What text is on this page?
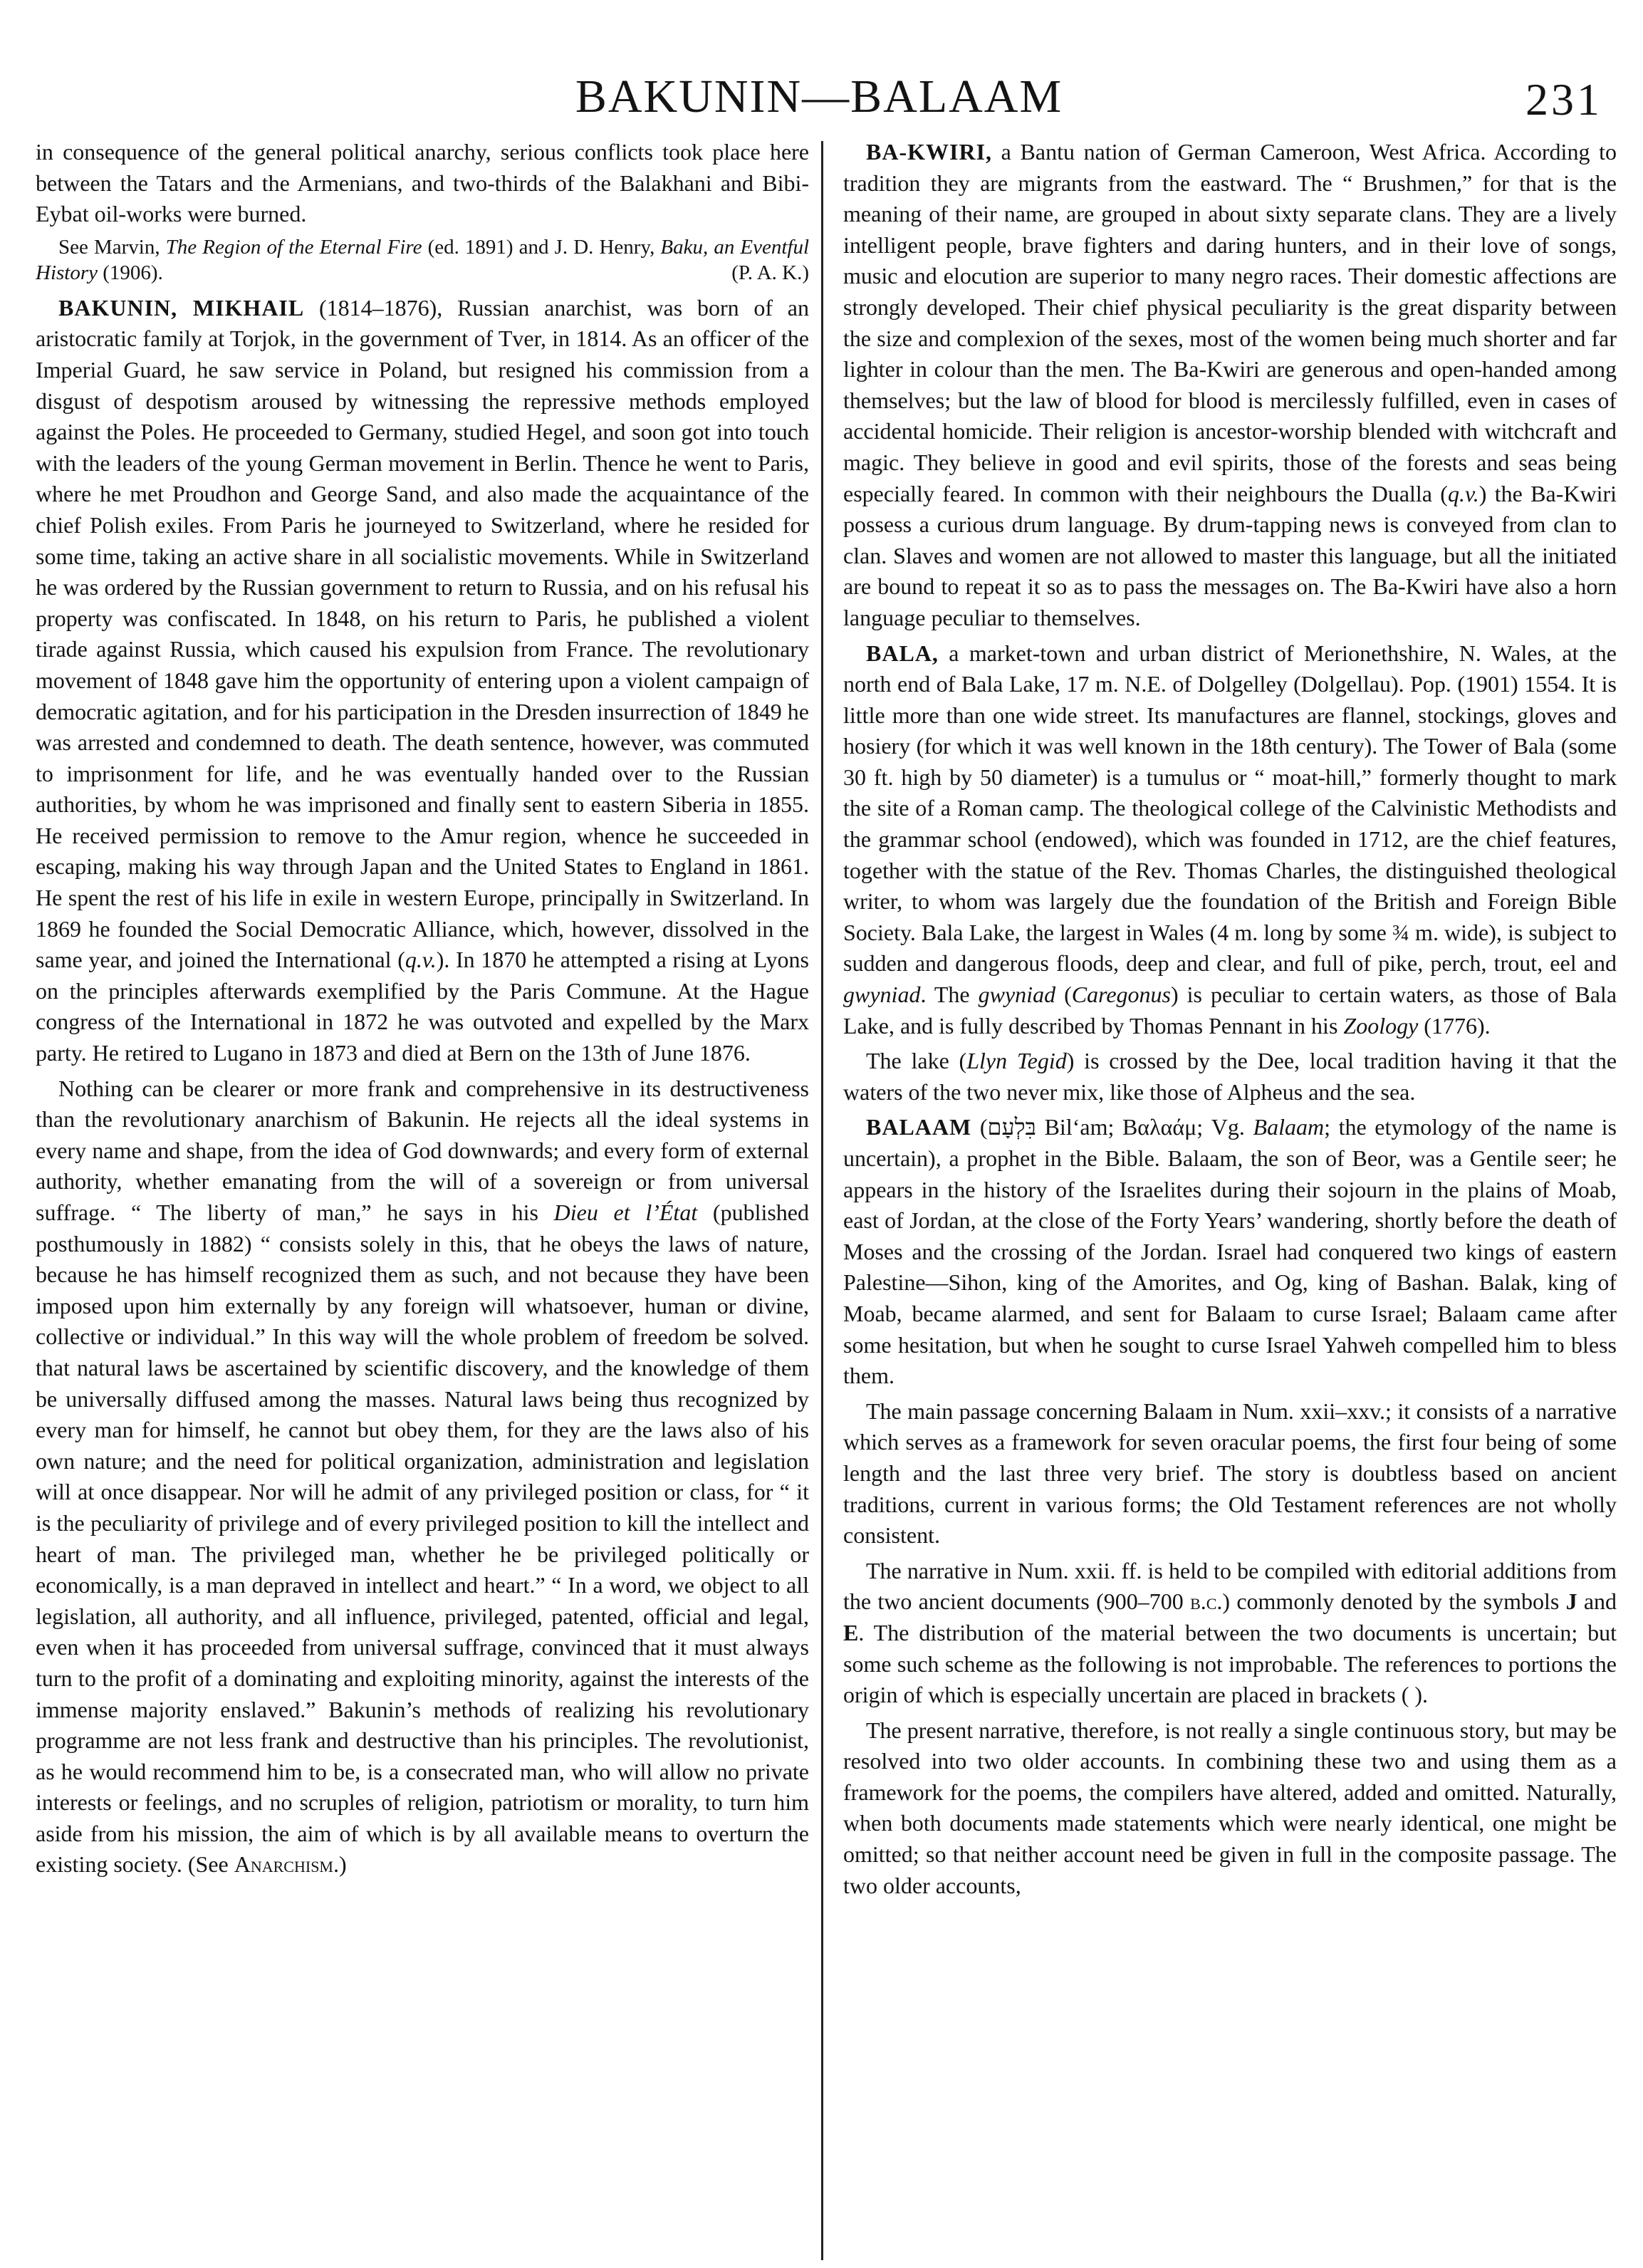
BAKUNIN—BALAAM	231

in consequence of the general political anarchy, serious conflicts took place here between the Tatars and the Armenians, and two-thirds of the Balakhani and Bibi-Eybat oil-works were burned.

See Marvin, The Region of the Eternal Fire (ed. 1891) and J. D. Henry, Baku, an Eventful History (1906).	(P. A. K.)

BAKUNIN, MIKHAIL (1814–1876), Russian anarchist, was born of an aristocratic family at Torjok, in the government of Tver, in 1814. As an officer of the Imperial Guard, he saw service in Poland, but resigned his commission from a disgust of despotism aroused by witnessing the repressive methods employed against the Poles. He proceeded to Germany, studied Hegel, and soon got into touch with the leaders of the young German movement in Berlin. Thence he went to Paris, where he met Proudhon and George Sand, and also made the acquaintance of the chief Polish exiles. From Paris he journeyed to Switzerland, where he resided for some time, taking an active share in all socialistic movements. While in Switzerland he was ordered by the Russian government to return to Russia, and on his refusal his property was confiscated. In 1848, on his return to Paris, he published a violent tirade against Russia, which caused his expulsion from France. The revolutionary movement of 1848 gave him the opportunity of entering upon a violent campaign of democratic agitation, and for his participation in the Dresden insurrection of 1849 he was arrested and condemned to death. The death sentence, however, was commuted to imprisonment for life, and he was eventually handed over to the Russian authorities, by whom he was imprisoned and finally sent to eastern Siberia in 1855. He received permission to remove to the Amur region, whence he succeeded in escaping, making his way through Japan and the United States to England in 1861. He spent the rest of his life in exile in western Europe, principally in Switzerland. In 1869 he founded the Social Democratic Alliance, which, however, dissolved in the same year, and joined the International (q.v.). In 1870 he attempted a rising at Lyons on the principles afterwards exemplified by the Paris Commune. At the Hague congress of the International in 1872 he was outvoted and expelled by the Marx party. He retired to Lugano in 1873 and died at Bern on the 13th of June 1876.

Nothing can be clearer or more frank and comprehensive in its destructiveness than the revolutionary anarchism of Bakunin. He rejects all the ideal systems in every name and shape, from the idea of God downwards; and every form of external authority, whether emanating from the will of a sovereign or from universal suffrage. “ The liberty of man,” he says in his Dieu et l’État (published posthumously in 1882) “ consists solely in this, that he obeys the laws of nature, because he has himself recognized them as such, and not because they have been imposed upon him externally by any foreign will whatsoever, human or divine, collective or individual.” In this way will the whole problem of freedom be solved. that natural laws be ascertained by scientific discovery, and the knowledge of them be universally diffused among the masses. Natural laws being thus recognized by every man for himself, he cannot but obey them, for they are the laws also of his own nature; and the need for political organization, administration and legislation will at once disappear. Nor will he admit of any privileged position or class, for “ it is the peculiarity of privilege and of every privileged position to kill the intellect and heart of man. The privileged man, whether he be privileged politically or economically, is a man depraved in intellect and heart.” “ In a word, we object to all legislation, all authority, and all influence, privileged, patented, official and legal, even when it has proceeded from universal suffrage, convinced that it must always turn to the profit of a dominating and exploiting minority, against the interests of the immense majority enslaved.” Bakunin’s methods of realizing his revolutionary programme are not less frank and destructive than his principles. The revolutionist, as he would recommend him to be, is a consecrated man, who will allow no private interests or feelings, and no scruples of religion, patriotism or morality, to turn him aside from his mission, the aim of which is by all available means to overturn the existing society. (See Anarchism.)

BA-KWIRI, a Bantu nation of German Cameroon, West Africa. According to tradition they are migrants from the eastward. The “ Brushmen,” for that is the meaning of their name, are grouped in about sixty separate clans. They are a lively intelligent people, brave fighters and daring hunters, and in their love of songs, music and elocution are superior to many negro races. Their domestic affections are strongly developed. Their chief physical peculiarity is the great disparity between the size and complexion of the sexes, most of the women being much shorter and far lighter in colour than the men. The Ba-Kwiri are generous and open-handed among themselves; but the law of blood for blood is mercilessly fulfilled, even in cases of accidental homicide. Their religion is ancestor-worship blended with witchcraft and magic. They believe in good and evil spirits, those of the forests and seas being especially feared. In common with their neighbours the Dualla (q.v.) the Ba-Kwiri possess a curious drum language. By drum-tapping news is conveyed from clan to clan. Slaves and women are not allowed to master this language, but all the initiated are bound to repeat it so as to pass the messages on. The Ba-Kwiri have also a horn language peculiar to themselves.

BALA, a market-town and urban district of Merionethshire, N. Wales, at the north end of Bala Lake, 17 m. N.E. of Dolgelley (Dolgellau). Pop. (1901) 1554. It is little more than one wide street. Its manufactures are flannel, stockings, gloves and hosiery (for which it was well known in the 18th century). The Tower of Bala (some 30 ft. high by 50 diameter) is a tumulus or “ moat-hill,” formerly thought to mark the site of a Roman camp. The theological college of the Calvinistic Methodists and the grammar school (endowed), which was founded in 1712, are the chief features, together with the statue of the Rev. Thomas Charles, the distinguished theological writer, to whom was largely due the foundation of the British and Foreign Bible Society. Bala Lake, the largest in Wales (4 m. long by some ¾ m. wide), is subject to sudden and dangerous floods, deep and clear, and full of pike, perch, trout, eel and gwyniad. The gwyniad (Caregonus) is peculiar to certain waters, as those of Bala Lake, and is fully described by Thomas Pennant in his Zoology (1776).

The lake (Llyn Tegid) is crossed by the Dee, local tradition having it that the waters of the two never mix, like those of Alpheus and the sea.

BALAAM (בִּלְעָם Bil‘am; Βαλαάμ; Vg. Balaam; the etymology of the name is uncertain), a prophet in the Bible. Balaam, the son of Beor, was a Gentile seer; he appears in the history of the Israelites during their sojourn in the plains of Moab, east of Jordan, at the close of the Forty Years’ wandering, shortly before the death of Moses and the crossing of the Jordan. Israel had conquered two kings of eastern Palestine—Sihon, king of the Amorites, and Og, king of Bashan. Balak, king of Moab, became alarmed, and sent for Balaam to curse Israel; Balaam came after some hesitation, but when he sought to curse Israel Yahweh compelled him to bless them.

The main passage concerning Balaam in Num. xxii–xxv.; it consists of a narrative which serves as a framework for seven oracular poems, the first four being of some length and the last three very brief. The story is doubtless based on ancient traditions, current in various forms; the Old Testament references are not wholly consistent.

The narrative in Num. xxii. ff. is held to be compiled with editorial additions from the two ancient documents (900–700 b.c.) commonly denoted by the symbols J and E. The distribution of the material between the two documents is uncertain; but some such scheme as the following is not improbable. The references to portions the origin of which is especially uncertain are placed in brackets ( ).

The present narrative, therefore, is not really a single continuous story, but may be resolved into two older accounts. In combining these two and using them as a framework for the poems, the compilers have altered, added and omitted. Naturally, when both documents made statements which were nearly identical, one might be omitted; so that neither account need be given in full in the composite passage. The two older accounts,
